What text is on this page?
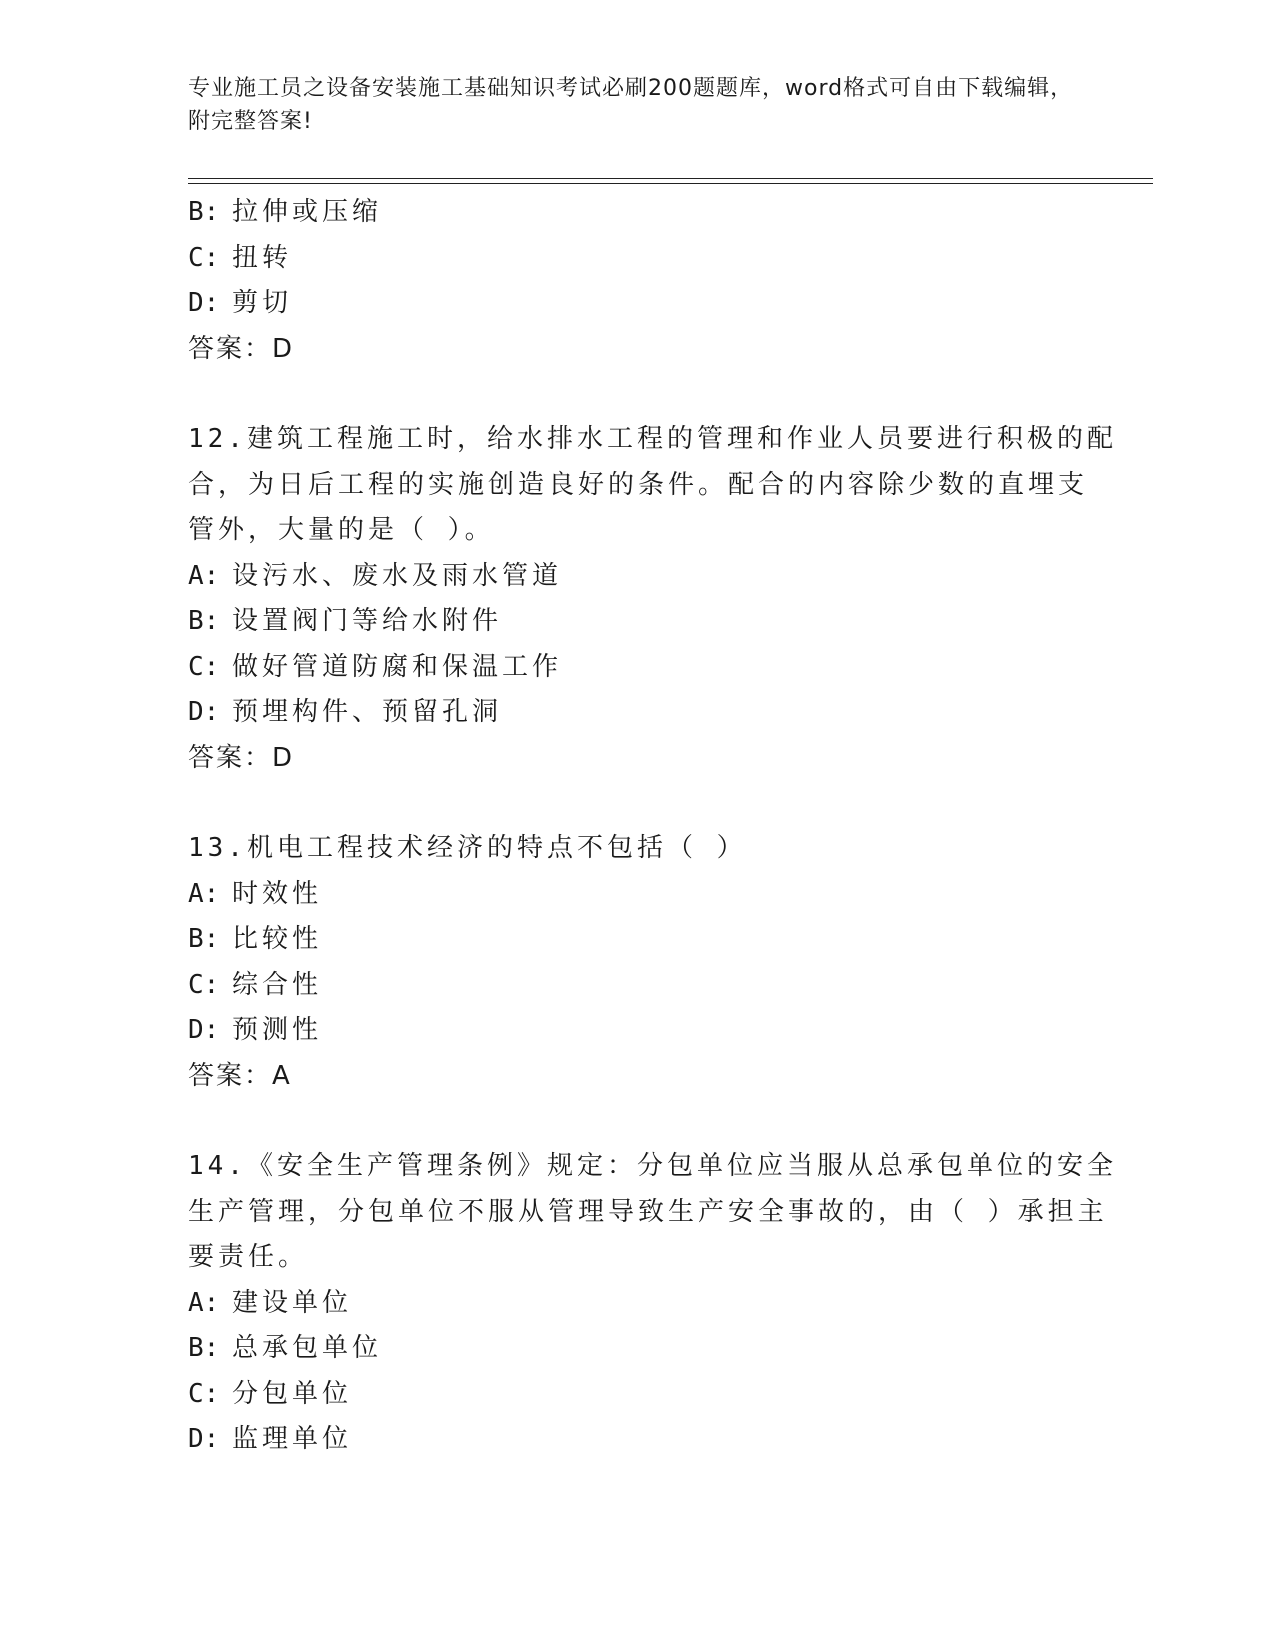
专业施工员之设备安装施工基础知识考试必刷200题题库，word格式可自由下载编辑，附完整答案!
B: 拉伸或压缩
C: 扭转
D: 剪切
答案：D
12.建筑工程施工时，给水排水工程的管理和作业人员要进行积极的配
合，为日后工程的实施创造良好的条件。配合的内容除少数的直埋支
管外，大量的是（ ）。
A: 设污水、废水及雨水管道
B: 设置阀门等给水附件
C: 做好管道防腐和保温工作
D: 预埋构件、预留孔洞
答案：D
13.机电工程技术经济的特点不包括（ ）
A: 时效性
B: 比较性
C: 综合性
D: 预测性
答案：A
14.《安全生产管理条例》规定：分包单位应当服从总承包单位的安全
生产管理，分包单位不服从管理导致生产安全事故的，由（ ）承担主
要责任。
A: 建设单位
B: 总承包单位
C: 分包单位
D: 监理单位
